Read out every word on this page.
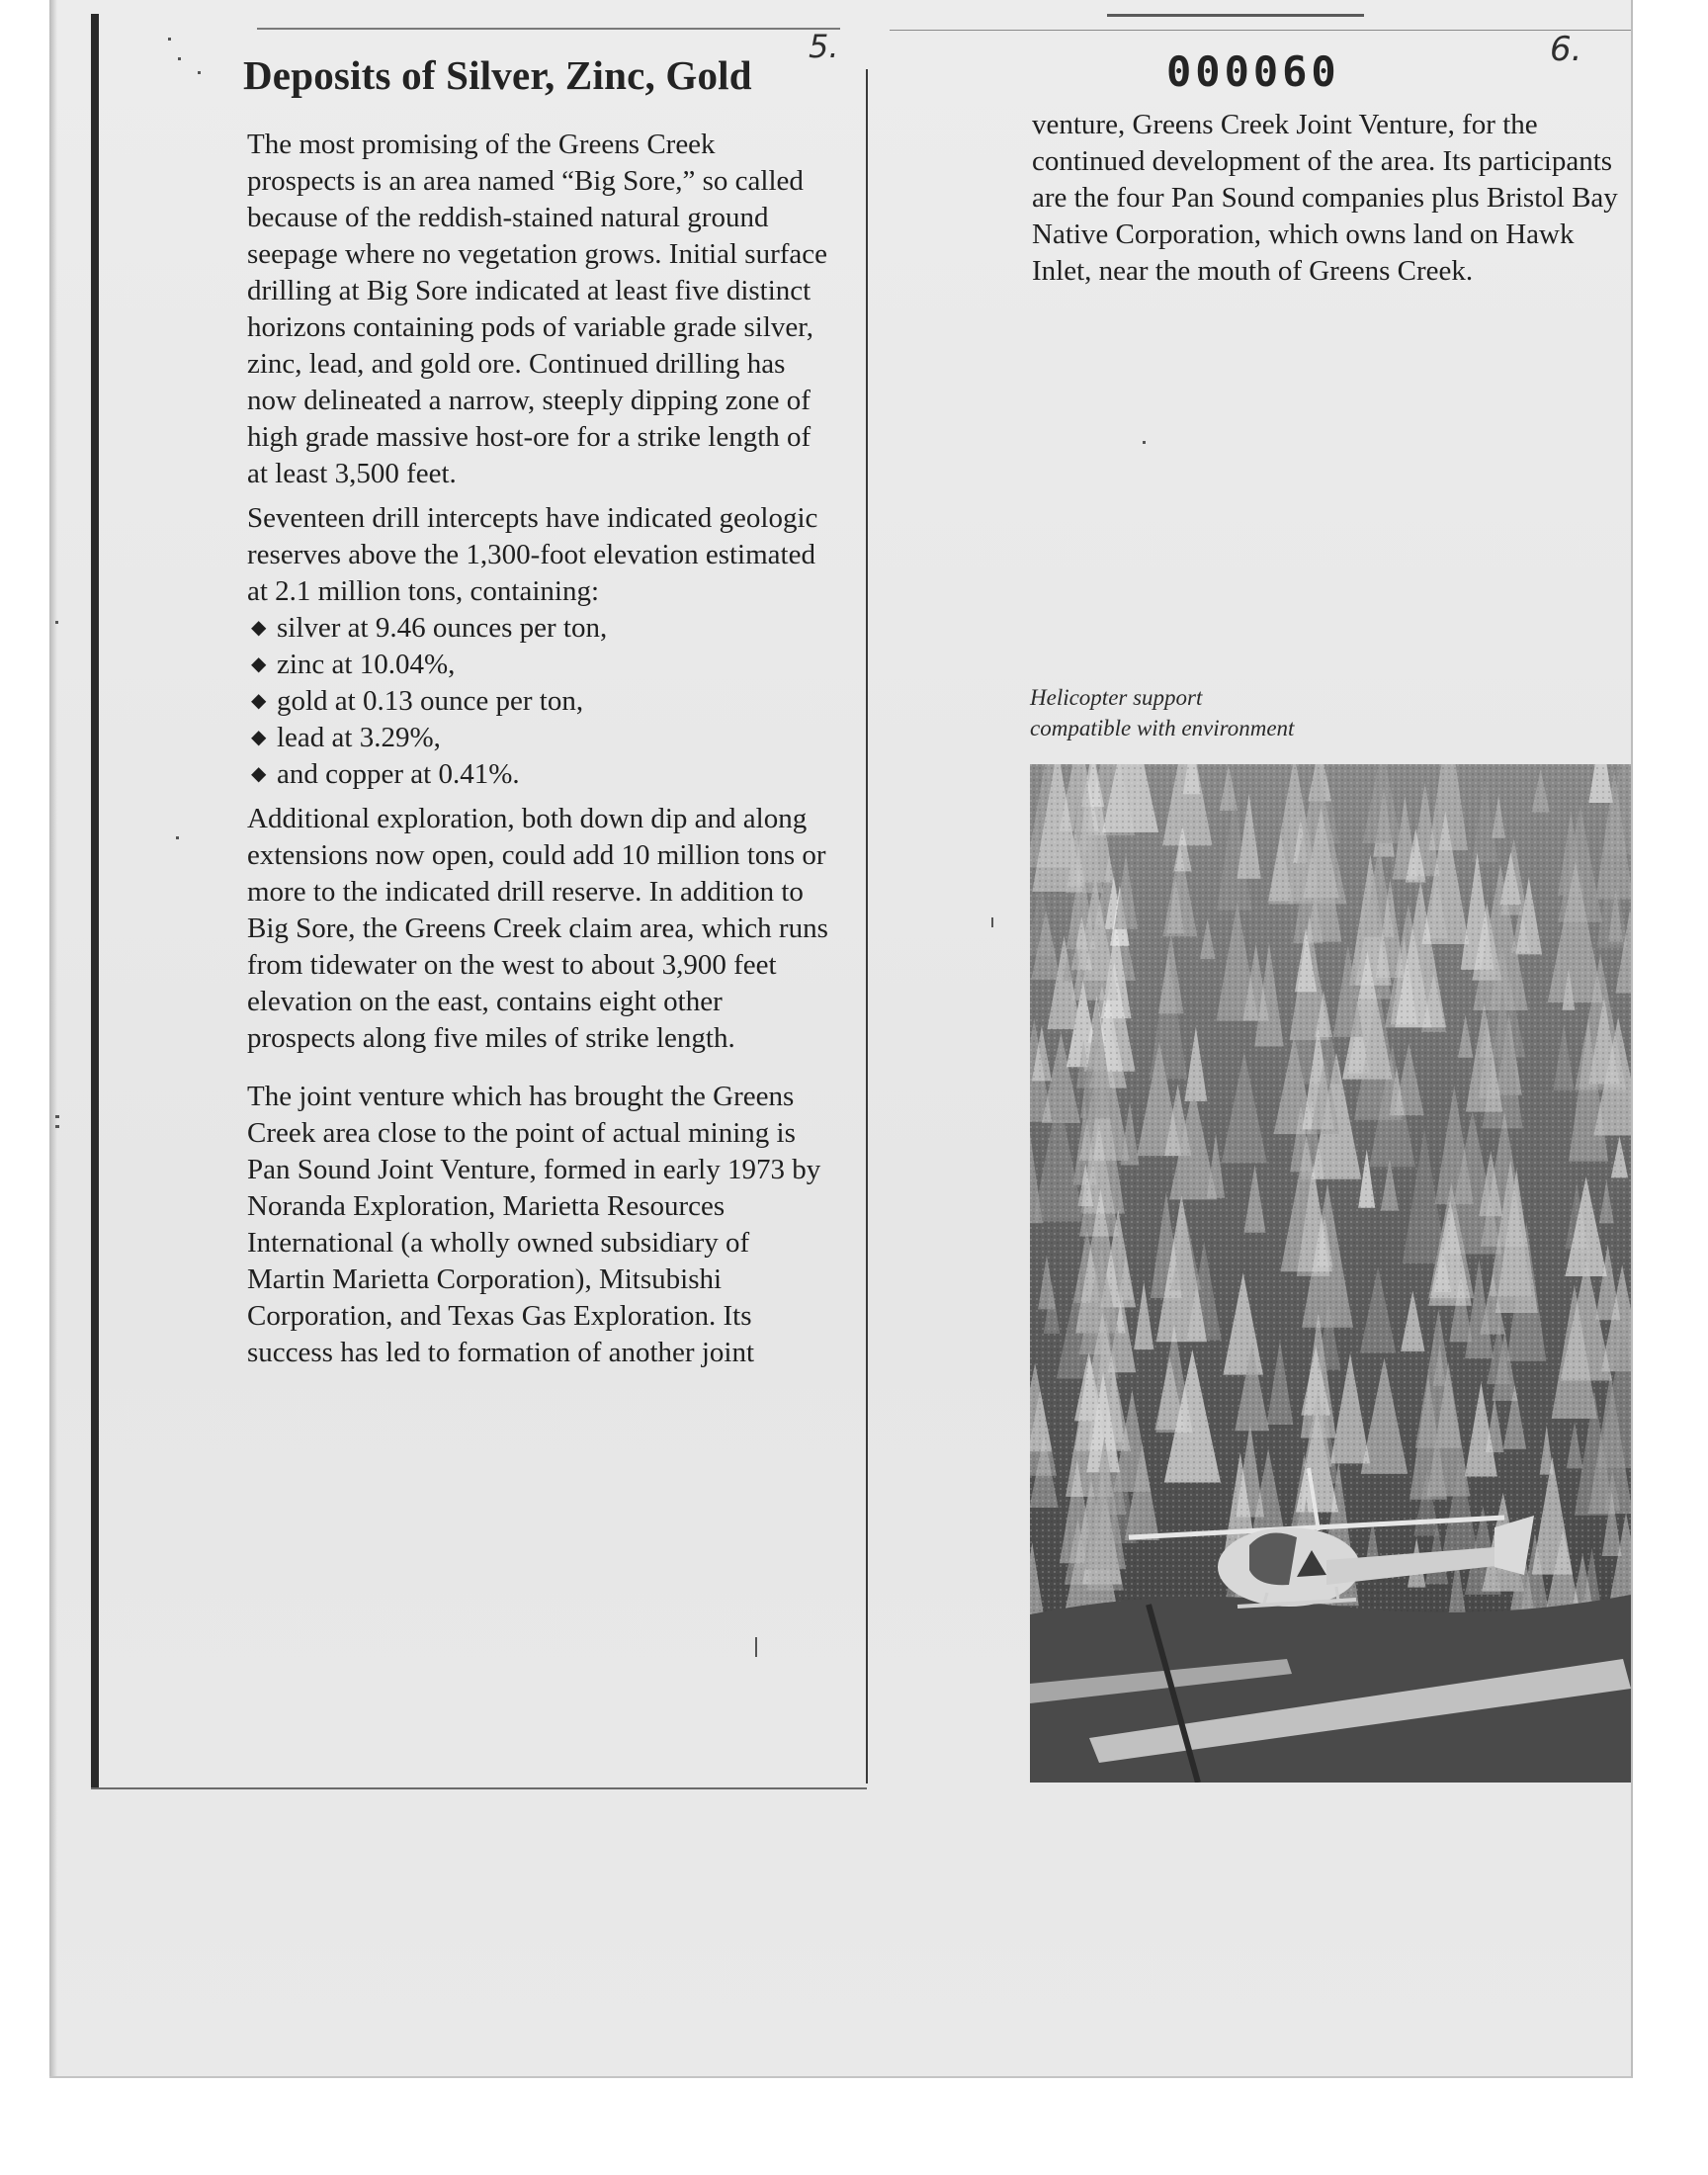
5.	6.
Deposits of Silver, Zinc, Gold	000060

The most promising of the Greens Creek prospects is an area named “Big Sore,” so called because of the reddish-stained natural ground seepage where no vegetation grows. Initial surface drilling at Big Sore indicated at least five distinct horizons containing pods of variable grade silver, zinc, lead, and gold ore. Continued drilling has now delineated a narrow, steeply dipping zone of high grade massive host-ore for a strike length of at least 3,500 feet.

Seventeen drill intercepts have indicated geologic reserves above the 1,300-foot elevation estimated at 2.1 million tons, containing:

◆ silver at 9.46 ounces per ton,
◆ zinc at 10.04%,
◆ gold at 0.13 ounce per ton,
◆ lead at 3.29%,
◆ and copper at 0.41%.

Additional exploration, both down dip and along extensions now open, could add 10 million tons or more to the indicated drill reserve. In addition to Big Sore, the Greens Creek claim area, which runs from tidewater on the west to about 3,900 feet elevation on the east, contains eight other prospects along five miles of strike length.

The joint venture which has brought the Greens Creek area close to the point of actual mining is Pan Sound Joint Venture, formed in early 1973 by Noranda Exploration, Marietta Resources International (a wholly owned subsidiary of Martin Marietta Corporation), Mitsubishi Corporation, and Texas Gas Exploration. Its success has led to formation of another joint

venture, Greens Creek Joint Venture, for the continued development of the area. Its participants are the four Pan Sound companies plus Bristol Bay Native Corporation, which owns land on Hawk Inlet, near the mouth of Greens Creek.

Helicopter support
compatible with environment
